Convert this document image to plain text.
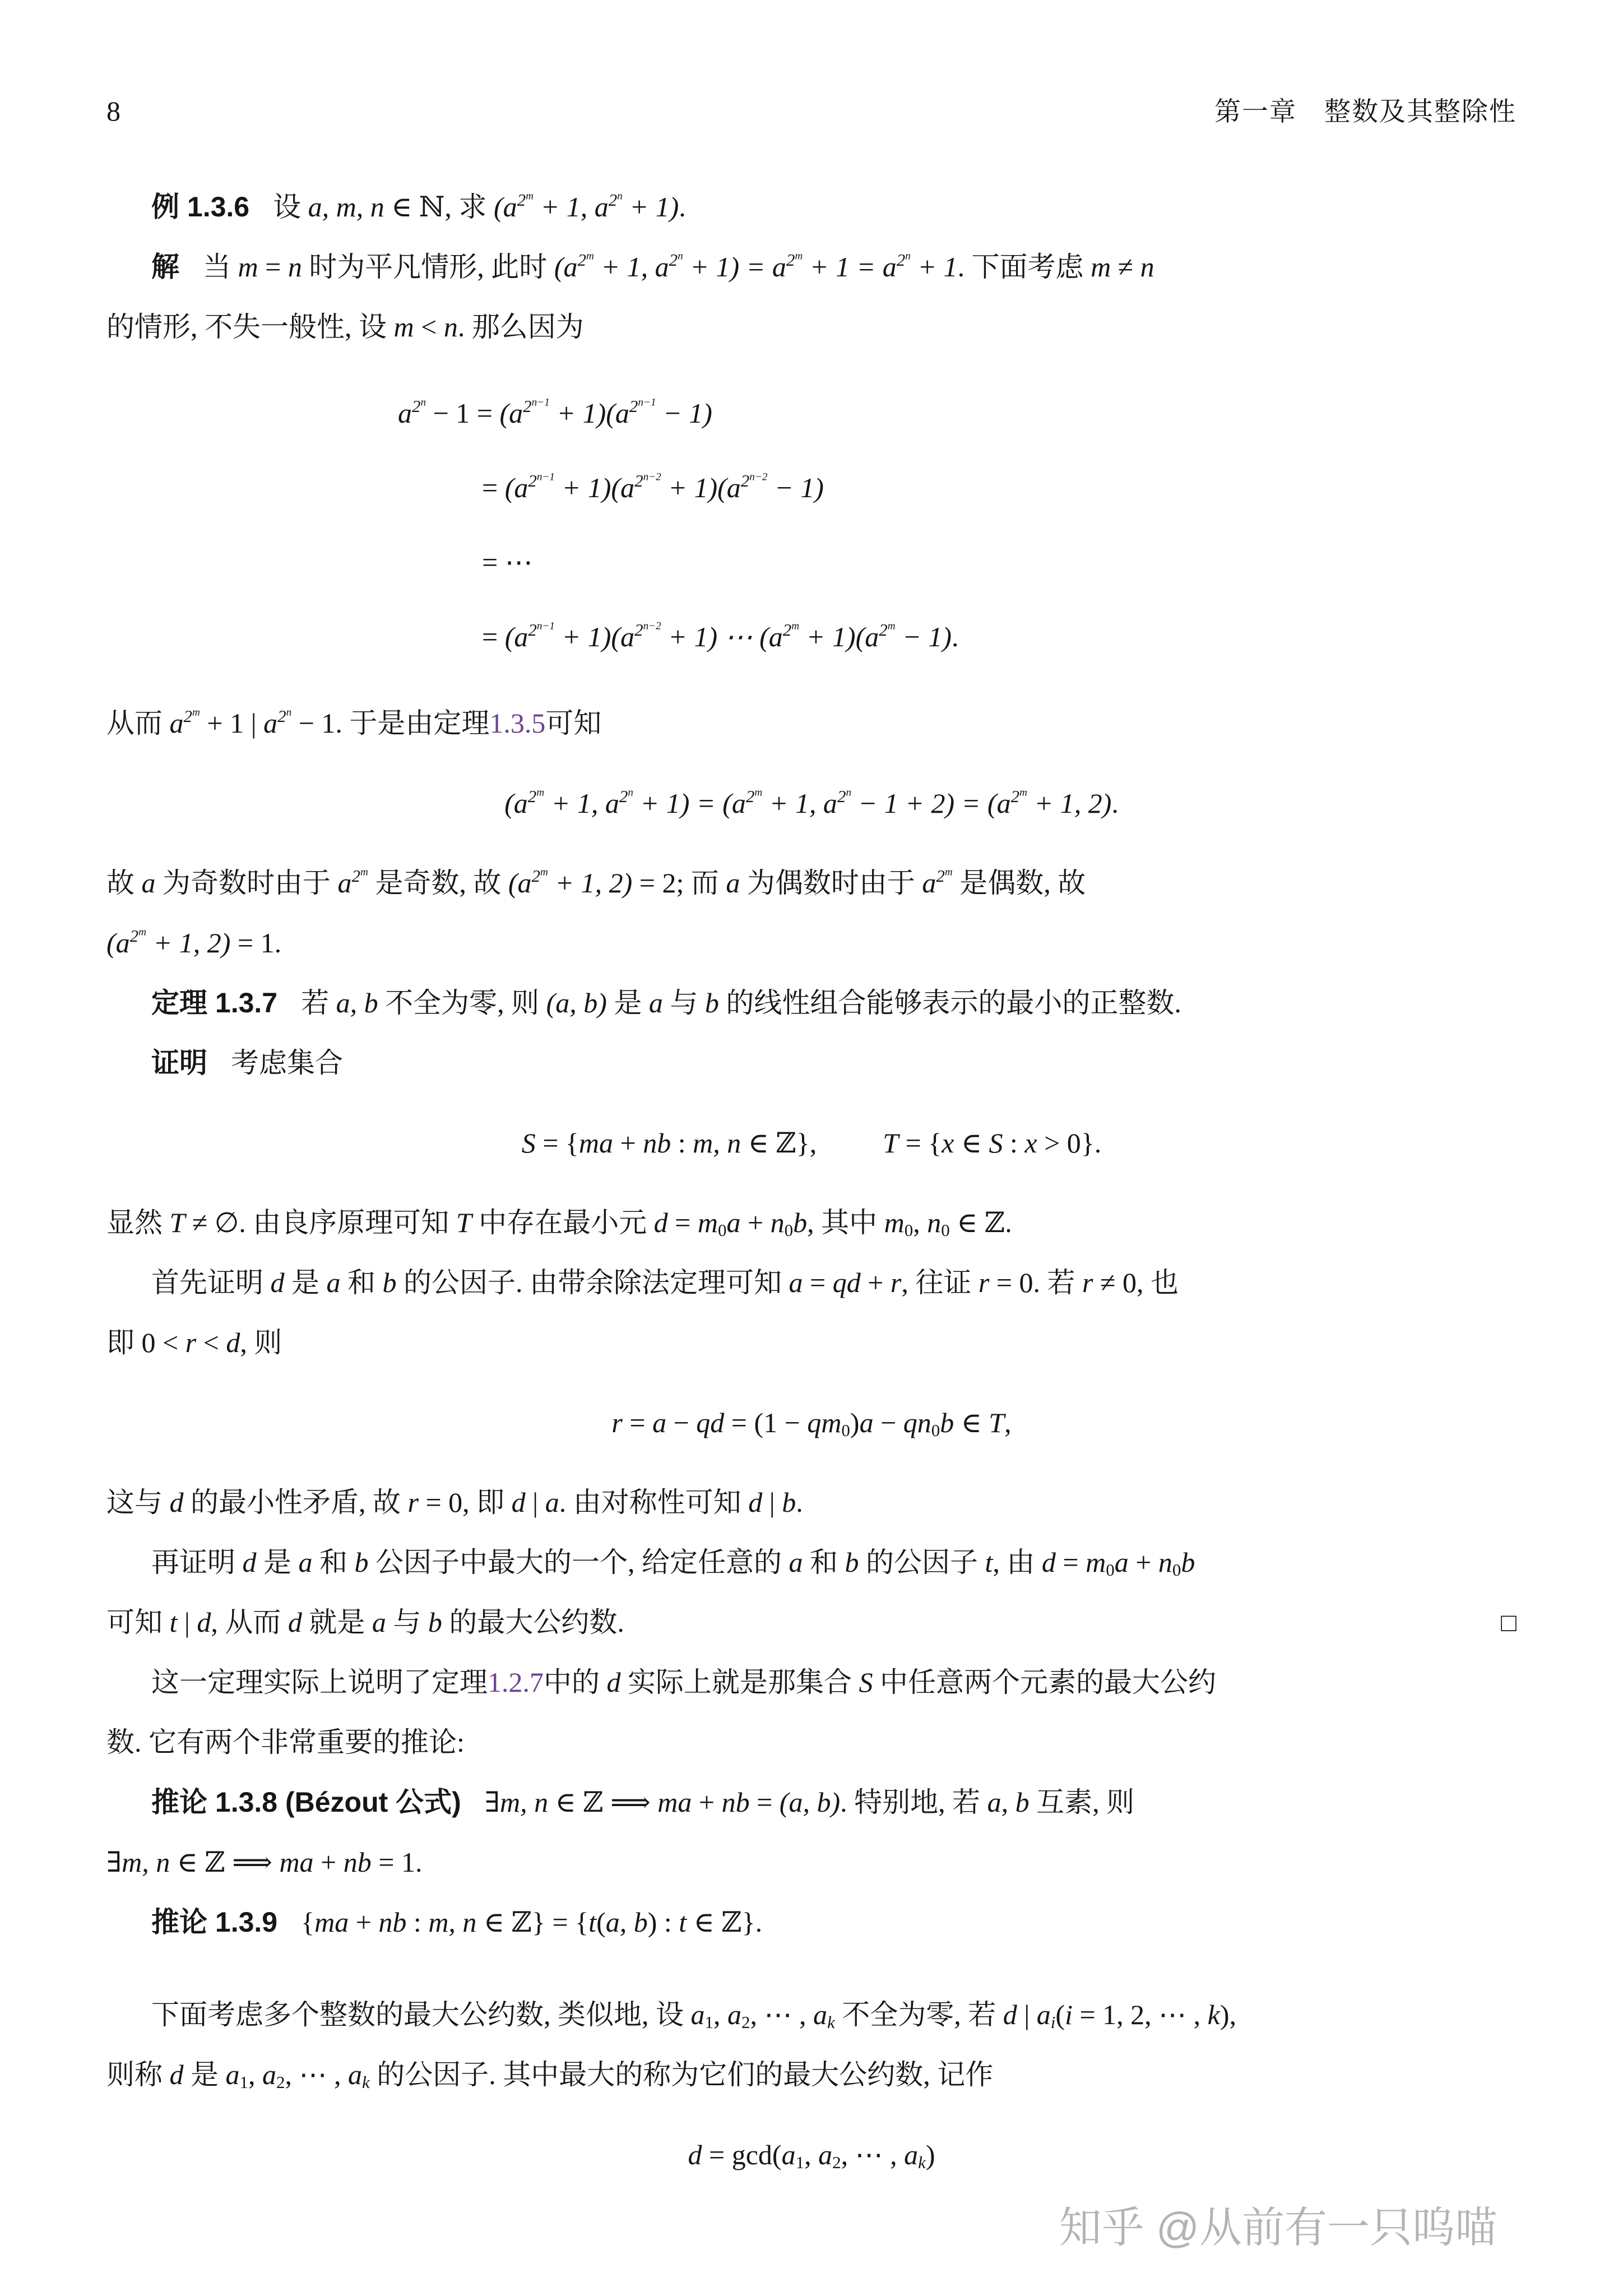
8	第一章　整数及其整除性

例 1.3.6 设 a, m, n ∈ ℕ, 求 ($a^{2^m} + 1$, $a^{2^n} + 1$).

解 当 m = n 时为平凡情形, 此时 ($a^{2^m} + 1$, $a^{2^n} + 1) = a^{2^m} + 1 = a^{2^n} + 1$. 下面考虑 m ≠ n

的情形, 不失一般性, 设 m < n. 那么因为

$a^{2^n} - 1 = (a^{2^{n-1}} + 1)(a^{2^{n-1}} - 1)$
= $(a^{2^{n-1}} + 1)(a^{2^{n-2}} + 1)(a^{2^{n-2}} - 1)$
= ⋯
= $(a^{2^{n-1}} + 1)(a^{2^{n-2}} + 1)$ ⋯ $(a^{2^m} + 1)(a^{2^m} - 1)$.

从而 $a^{2^m} + 1$ | $a^{2^n} - 1$. 于是由定理1.3.5可知

($a^{2^m} + 1$, $a^{2^n} + 1) = (a^{2^m} + 1$, $a^{2^n} - 1 + 2) = (a^{2^m} + 1$, 2).

故 a 为奇数时由于 $a^{2^m}$ 是奇数, 故 ($a^{2^m} + 1$, 2) = 2; 而 a 为偶数时由于 $a^{2^m}$ 是偶数, 故

($a^{2^m} + 1$, 2) = 1.

定理 1.3.7 若 a, b 不全为零, 则 (a, b) 是 a 与 b 的线性组合能够表示的最小的正整数.

证明 考虑集合

S = {ma + nb : m, n ∈ ℤ}, T = {x ∈ S : x > 0}.

显然 T ≠ ∅. 由良序原理可知 T 中存在最小元 $d = m_0a + n_0b$, 其中 $m_0$, $n_0$ ∈ ℤ.

首先证明 d 是 a 和 b 的公因子. 由带余除法定理可知 a = qd + r, 往证 r = 0. 若 r ≠ 0, 也

即 0 < r < d, 则

r = a − qd = $(1 - qm_0)a - qn_0b$ ∈ T,

这与 d 的最小性矛盾, 故 r = 0, 即 d | a. 由对称性可知 d | b.

再证明 d 是 a 和 b 公因子中最大的一个, 给定任意的 a 和 b 的公因子 t, 由 $d = m_0a + n_0b$

可知 t | d, 从而 d 就是 a 与 b 的最大公约数.	□

这一定理实际上说明了定理1.2.7中的 d 实际上就是那集合 S 中任意两个元素的最大公约

数. 它有两个非常重要的推论:

推论 1.3.8 (Bézout 公式) ∃m, n ∈ ℤ ⟹ ma + nb = (a, b). 特别地, 若 a, b 互素, 则

∃m, n ∈ ℤ ⟹ ma + nb = 1.

推论 1.3.9 {ma + nb : m, n ∈ ℤ} = {t(a, b) : t ∈ ℤ}.

下面考虑多个整数的最大公约数, 类似地, 设 $a_1$, $a_2$, ⋯ , $a_k$ 不全为零, 若 d | $a_i(i = 1$, 2, ⋯ , k),

则称 d 是 $a_1$, $a_2$, ⋯ , $a_k$ 的公因子. 其中最大的称为它们的最大公约数, 记作

$d = \gcd(a_1$, $a_2$, ⋯ , $a_k$)
知乎 @从前有一只呜喵
